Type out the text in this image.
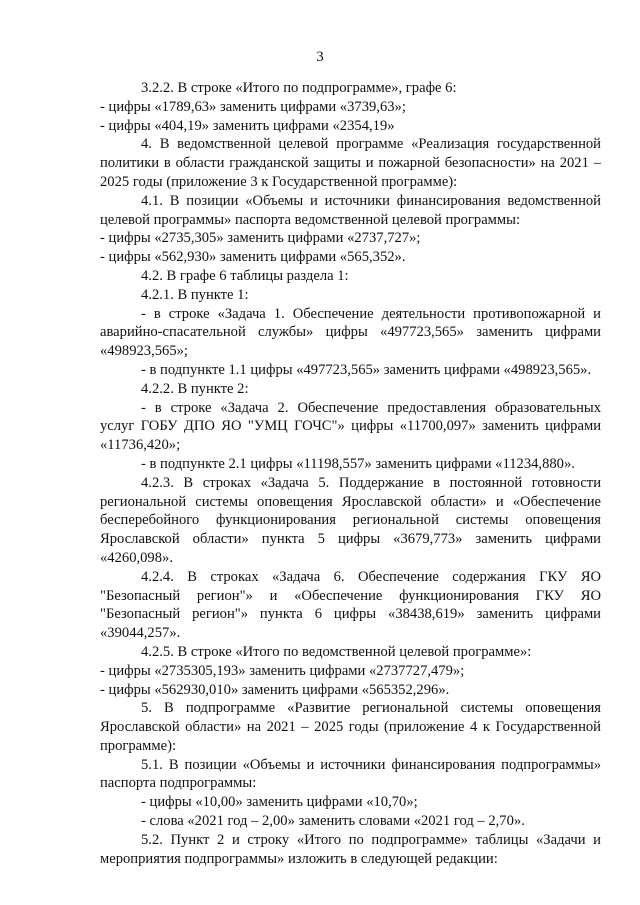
3

3.2.2. В строке «Итого по подпрограмме», графе 6:

- цифры «1789,63» заменить цифрами «3739,63»;

- цифры «404,19» заменить цифрами «2354,19»

4. В ведомственной целевой программе «Реализация государственной политики в области гражданской защиты и пожарной безопасности» на 2021 – 2025 годы (приложение 3 к Государственной программе):

4.1. В позиции «Объемы и источники финансирования ведомственной целевой программы» паспорта ведомственной целевой программы:

- цифры «2735,305» заменить цифрами «2737,727»;

- цифры «562,930» заменить цифрами «565,352».

4.2. В графе 6 таблицы раздела 1:

4.2.1. В пункте 1:

- в строке «Задача 1. Обеспечение деятельности противопожарной и аварийно-спасательной службы» цифры «497723,565» заменить цифрами «498923,565»;

- в подпункте 1.1 цифры «497723,565» заменить цифрами «498923,565».

4.2.2. В пункте 2:

- в строке «Задача 2. Обеспечение предоставления образовательных услуг ГОБУ ДПО ЯО "УМЦ ГОЧС"» цифры «11700,097» заменить цифрами «11736,420»;

- в подпункте 2.1 цифры «11198,557» заменить цифрами «11234,880».

4.2.3. В строках «Задача 5. Поддержание в постоянной готовности региональной системы оповещения Ярославской области» и «Обеспечение бесперебойного функционирования региональной системы оповещения Ярославской области» пункта 5 цифры «3679,773» заменить цифрами «4260,098».

4.2.4. В строках «Задача 6. Обеспечение содержания ГКУ ЯО "Безопасный регион"» и «Обеспечение функционирования ГКУ ЯО "Безопасный регион"» пункта 6 цифры «38438,619» заменить цифрами «39044,257».

4.2.5. В строке «Итого по ведомственной целевой программе»:

- цифры «2735305,193» заменить цифрами «2737727,479»;

- цифры «562930,010» заменить цифрами «565352,296».

5. В подпрограмме «Развитие региональной системы оповещения Ярославской области» на 2021 – 2025 годы (приложение 4 к Государственной программе):

5.1. В позиции «Объемы и источники финансирования подпрограммы» паспорта подпрограммы:

- цифры «10,00» заменить цифрами «10,70»;

- слова «2021 год – 2,00» заменить словами «2021 год – 2,70».

5.2. Пункт 2 и строку «Итого по подпрограмме» таблицы «Задачи и мероприятия подпрограммы» изложить в следующей редакции:
